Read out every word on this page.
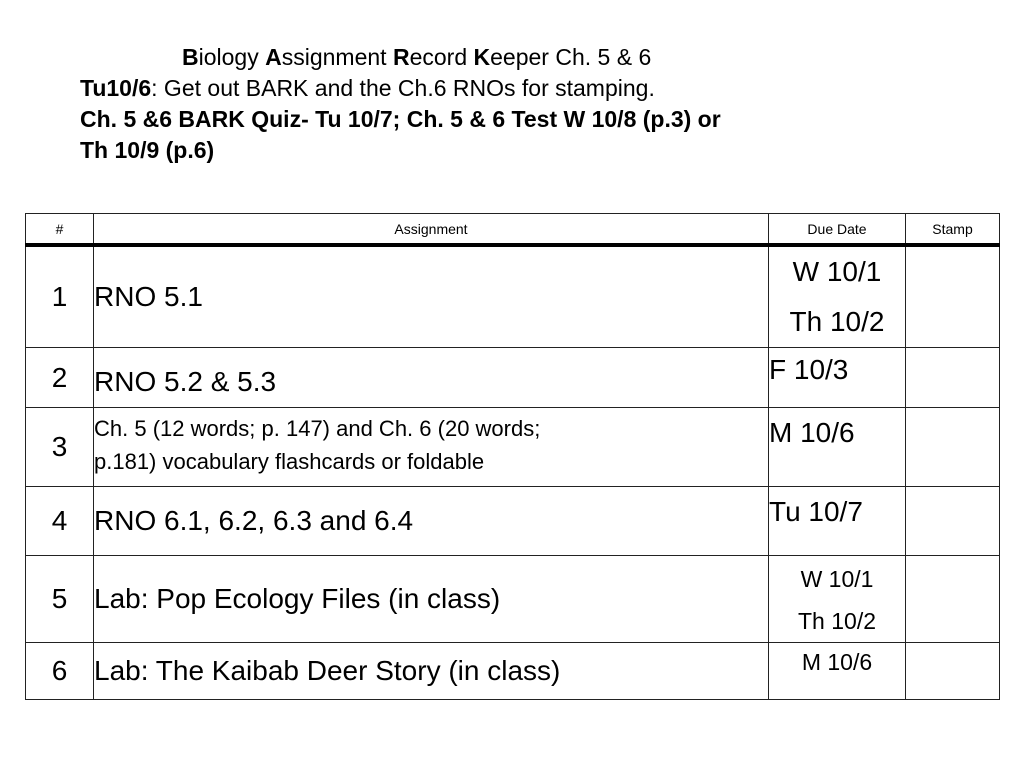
Biology Assignment Record Keeper Ch. 5 & 6
Tu10/6: Get out BARK and the Ch.6 RNOs for stamping.
Ch. 5 &6 BARK Quiz- Tu 10/7; Ch. 5 & 6 Test W 10/8 (p.3) or
Th 10/9 (p.6)
#	Assignment	Due Date	Stamp
1	RNO 5.1	W 10/1
Th 10/2	

2	RNO 5.2 & 5.3	F 10/3	

3	Ch. 5 (12 words; p. 147) and Ch. 6 (20 words;
p.181) vocabulary flashcards or foldable	M 10/6	

4	RNO 6.1, 6.2, 6.3 and 6.4	Tu 10/7	

5	Lab: Pop Ecology Files (in class)	W 10/1
Th 10/2	

6	Lab: The Kaibab Deer Story (in class)	M 10/6	
